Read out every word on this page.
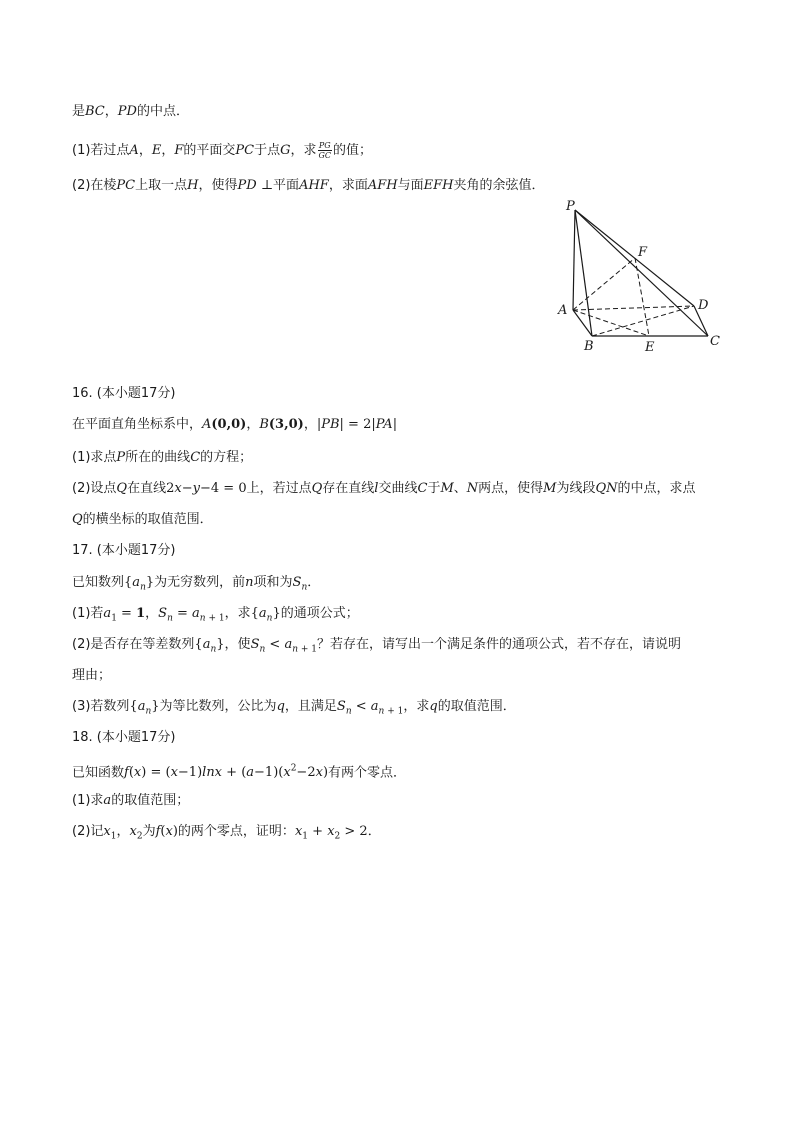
是BC，PD的中点．
(1)若过点A，E，F的平面交PC于点G，求 $\frac{PG}{GC}$ 的值；
(2)在棱PC上取一点H，使得PD ⊥平面AHF，求面AFH与面EFH夹角的余弦值．
P
F
A	D
B	E	C
16. (本小题17分)
在平面直角坐标系中，A(0,0)，B(3,0)，|PB| = 2|PA|
(1)求点P所在的曲线C的方程；
(2)设点Q在直线2x−y−4 = 0上，若过点Q存在直线l交曲线C于M、N两点，使得M为线段QN的中点，求点
Q的横坐标的取值范围．
17. (本小题17分)
已知数列$\{a_n\}$为无穷数列，前n项和为$S_n$．
(1)若$a_1 = 1$，$S_n = a_{n + 1}$，求$\{a_n\}$的通项公式；
(2)是否存在等差数列$\{a_n\}$，使$S_n < a_{n + 1}$？若存在，请写出一个满足条件的通项公式，若不存在，请说明
理由；
(3)若数列$\{a_n\}$为等比数列，公比为q，且满足$S_n < a_{n + 1}$，求q的取值范围．
18. (本小题17分)
已知函数$f(x) = (x-1)\ln x + (a-1)(x^2-2x)$有两个零点．
(1)求a的取值范围；
(2)记$x_1$，$x_2$为f(x)的两个零点，证明：$x_1 + x_2 > 2$．
